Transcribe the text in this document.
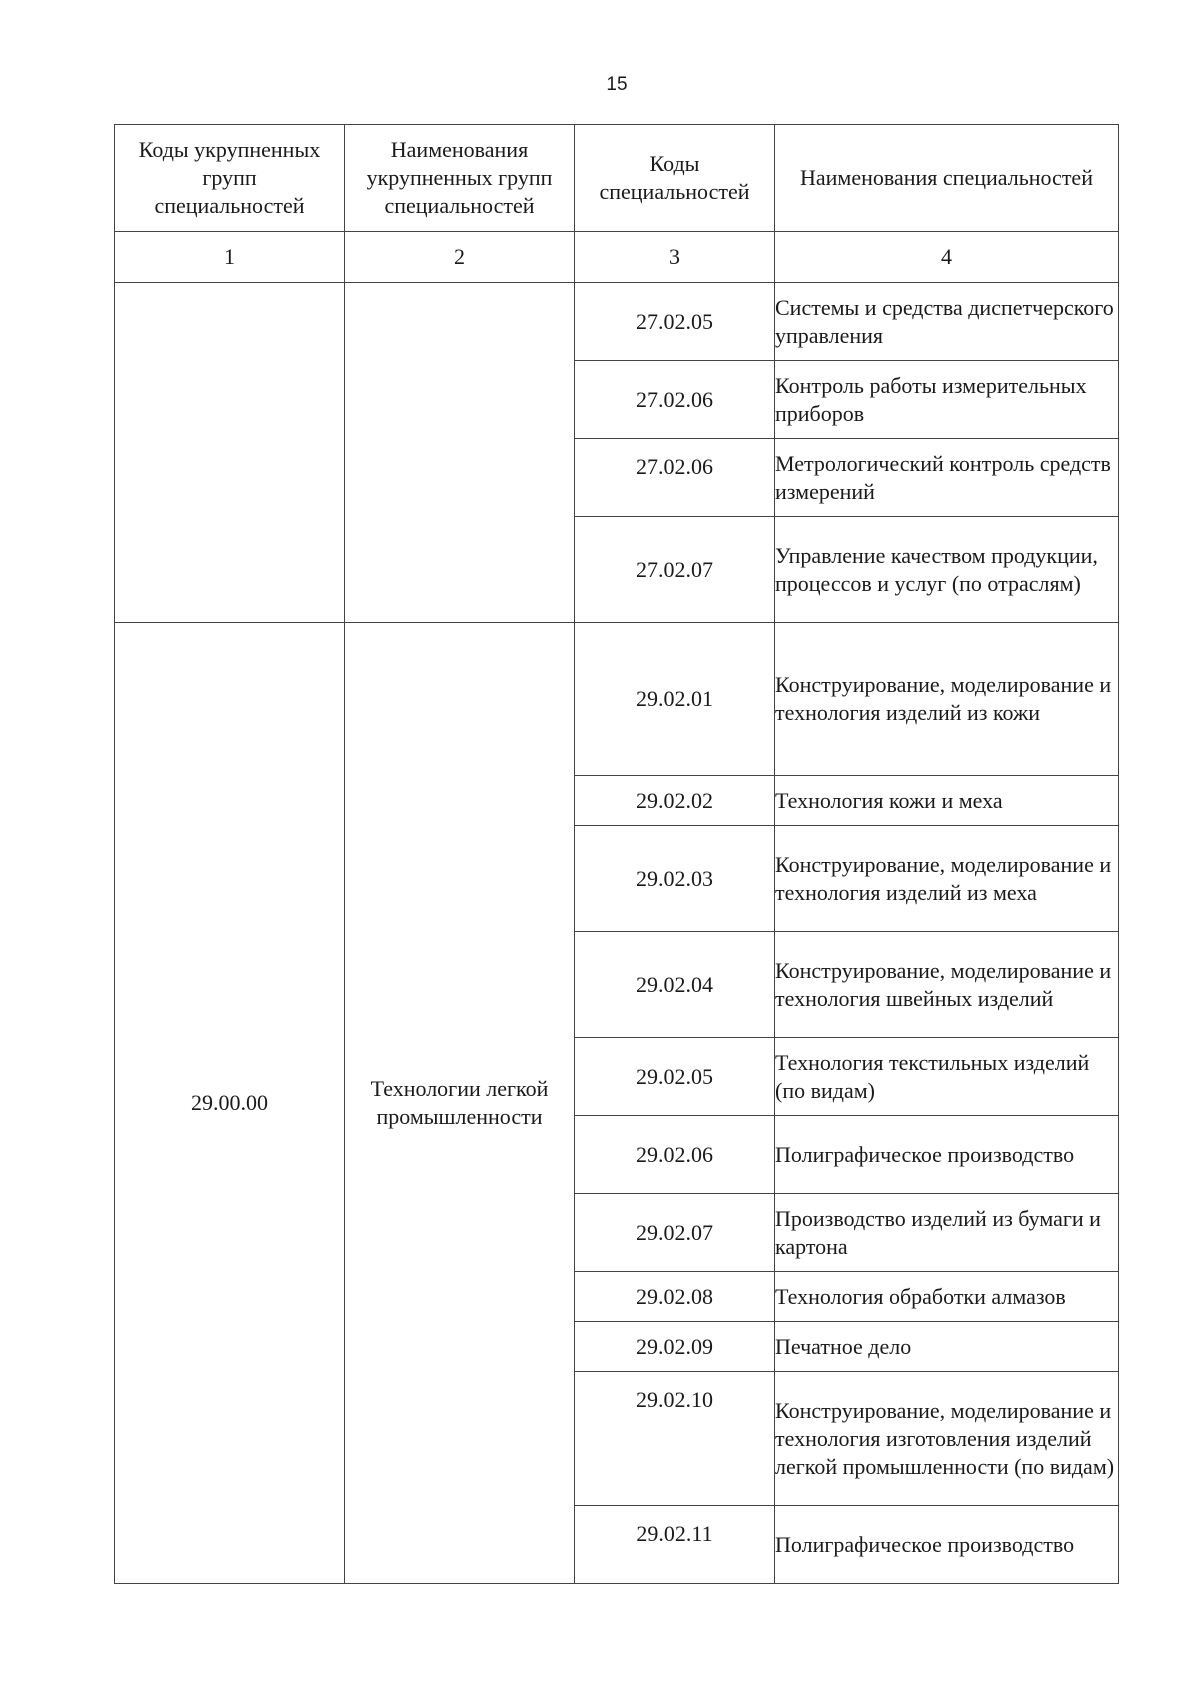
15
Коды укрупненных групп специальностей	Наименования укрупненных групп специальностей	Коды специальностей	Наименования специальностей

1	2	3	4
		27.02.05	Системы и средства диспетчерского управления
		27.02.06	Контроль работы измерительных приборов
		27.02.06	Метрологический контроль средств измерений
		27.02.07	Управление качеством продукции, процессов и услуг (по отраслям)
29.00.00	Технологии легкой промышленности	29.02.01	Конструирование, моделирование и технология изделий из кожи
		29.02.02	Технология кожи и меха
		29.02.03	Конструирование, моделирование и технология изделий из меха
		29.02.04	Конструирование, моделирование и технология швейных изделий
		29.02.05	Технология текстильных изделий (по видам)
		29.02.06	Полиграфическое производство
		29.02.07	Производство изделий из бумаги и картона
		29.02.08	Технология обработки алмазов
		29.02.09	Печатное дело
		29.02.10	Конструирование, моделирование и технология изготовления изделий легкой промышленности (по видам)
		29.02.11	Полиграфическое производство
